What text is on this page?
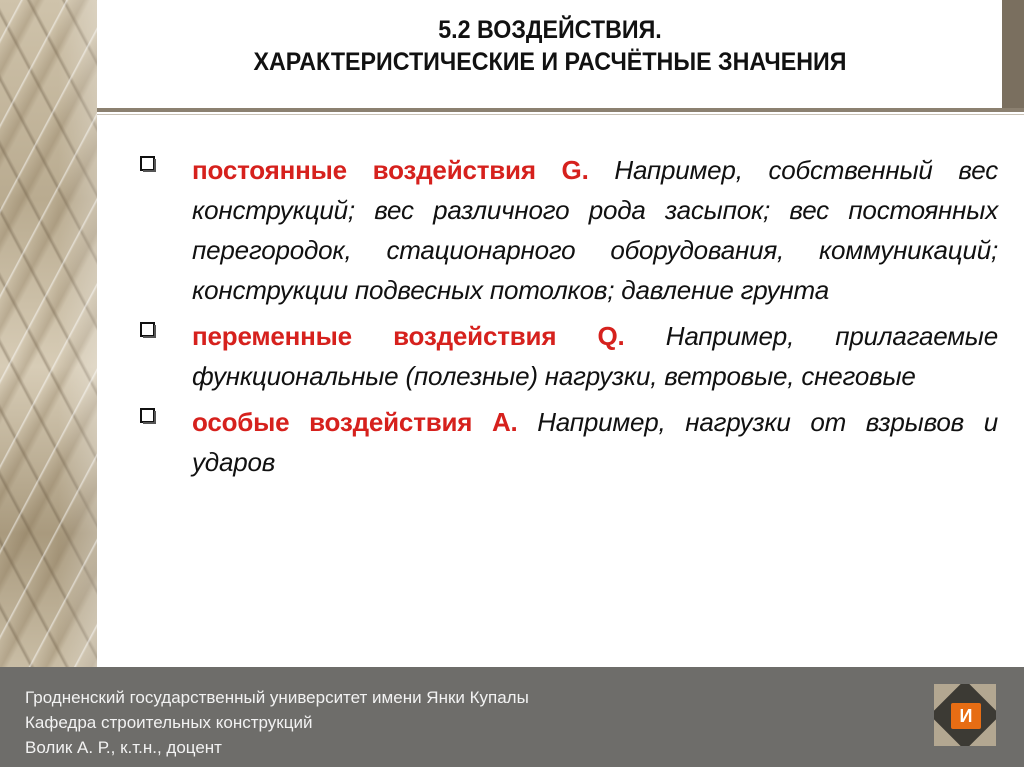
5.2 ВОЗДЕЙСТВИЯ.
ХАРАКТЕРИСТИЧЕСКИЕ И РАСЧЁТНЫЕ ЗНАЧЕНИЯ
постоянные воздействия G. Например, собственный вес конструкций; вес различного рода засыпок; вес постоянных перегородок, стационарного оборудования, коммуникаций; конструкции подвесных потолков; давление грунта
переменные воздействия Q. Например, прилагаемые функциональные (полезные) нагрузки, ветровые, снеговые
особые воздействия А. Например, нагрузки от взрывов и ударов
Гродненский государственный университет имени Янки Купалы
Кафедра строительных конструкций
Волик А. Р., к.т.н., доцент
И
